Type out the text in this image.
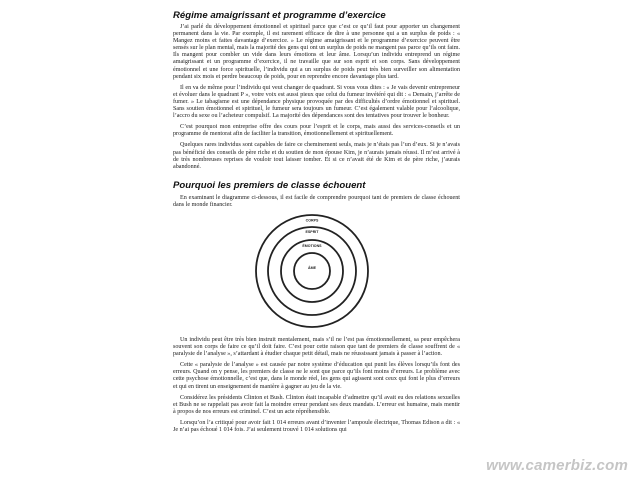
Régime amaigrissant et programme d’exercice

J’ai parlé du développement émotionnel et spirituel parce que c’est ce qu’il faut pour apporter un changement permanent dans la vie. Par exemple, il est rarement efficace de dire à une personne qui a un surplus de poids : « Mangez moins et faites davantage d’exercice. » Le régime amaigrissant et le programme d’exercice peuvent être sensés sur le plan mental, mais la majorité des gens qui ont un surplus de poids ne mangent pas parce qu’ils ont faim. Ils mangent pour combler un vide dans leurs émotions et leur âme. Lorsqu’un individu entreprend un régime amaigrissant et un programme d’exercice, il ne travaille que sur son esprit et son corps. Sans développement émotionnel et une force spirituelle, l’individu qui a un surplus de poids peut très bien surveiller son alimentation pendant six mois et perdre beaucoup de poids, pour en reprendre encore davantage plus tard.

Il en va de même pour l’individu qui veut changer de quadrant. Si vous vous dites : « Je vais devenir entrepreneur et évoluer dans le quadrant P », votre voix est aussi pieux que celui du fumeur invétéré qui dit : « Demain, j’arrête de fumer. » Le tabagisme est une dépendance physique provoquée par des difficultés d’ordre émotionnel et spirituel. Sans soutien émotionnel et spirituel, le fumeur sera toujours un fumeur. C’est également valable pour l’alcoolique, l’accro du sexe ou l’acheteur compulsif. La majorité des dépendances sont des tentatives pour trouver le bonheur.

C’est pourquoi mon entreprise offre des cours pour l’esprit et le corps, mais aussi des services-conseils et un programme de mentorat afin de faciliter la transition, émotionnellement et spirituellement.

Quelques rares individus sont capables de faire ce cheminement seuls, mais je n’étais pas l’un d’eux. Si je n’avais pas bénéficié des conseils de père riche et du soutien de mon épouse Kim, je n’aurais jamais réussi. Il m’est arrivé à de très nombreuses reprises de vouloir tout laisser tomber. Et si ce n’avait été de Kim et de père riche, j’aurais abandonné.

Pourquoi les premiers de classe échouent

En examinant le diagramme ci-dessous, il est facile de comprendre pourquoi tant de premiers de classe échouent dans le monde financier.

CORPS
ESPRIT
ÉMOTIONS
ÂME

Un individu peut être très bien instruit mentalement, mais s’il ne l’est pas émotionnellement, sa peur empêchera souvent son corps de faire ce qu’il doit faire. C’est pour cette raison que tant de premiers de classe souffrent de « paralysie de l’analyse », s’attardant à étudier chaque petit détail, mais ne réussissant jamais à passer à l’action.

Cette « paralysie de l’analyse » est causée par notre système d’éducation qui punit les élèves lorsqu’ils font des erreurs. Quand on y pense, les premiers de classe ne le sont que parce qu’ils font moins d’erreurs. Le problème avec cette psychose émotionnelle, c’est que, dans le monde réel, les gens qui agissent sont ceux qui font le plus d’erreurs et qui en tirent un enseignement de manière à gagner au jeu de la vie.

Considérez les présidents Clinton et Bush. Clinton était incapable d’admettre qu’il avait eu des relations sexuelles et Bush ne se rappelait pas avoir fait la moindre erreur pendant ses deux mandats. L’erreur est humaine, mais mentir à propos de nos erreurs est criminel. C’est un acte répréhensible.

Lorsqu’on l’a critiqué pour avoir fait 1 014 erreurs avant d’inventer l’ampoule électrique, Thomas Edison a dit : « Je n’ai pas échoué 1 014 fois. J’ai seulement trouvé 1 014 solutions qui

www.camerbiz.com
